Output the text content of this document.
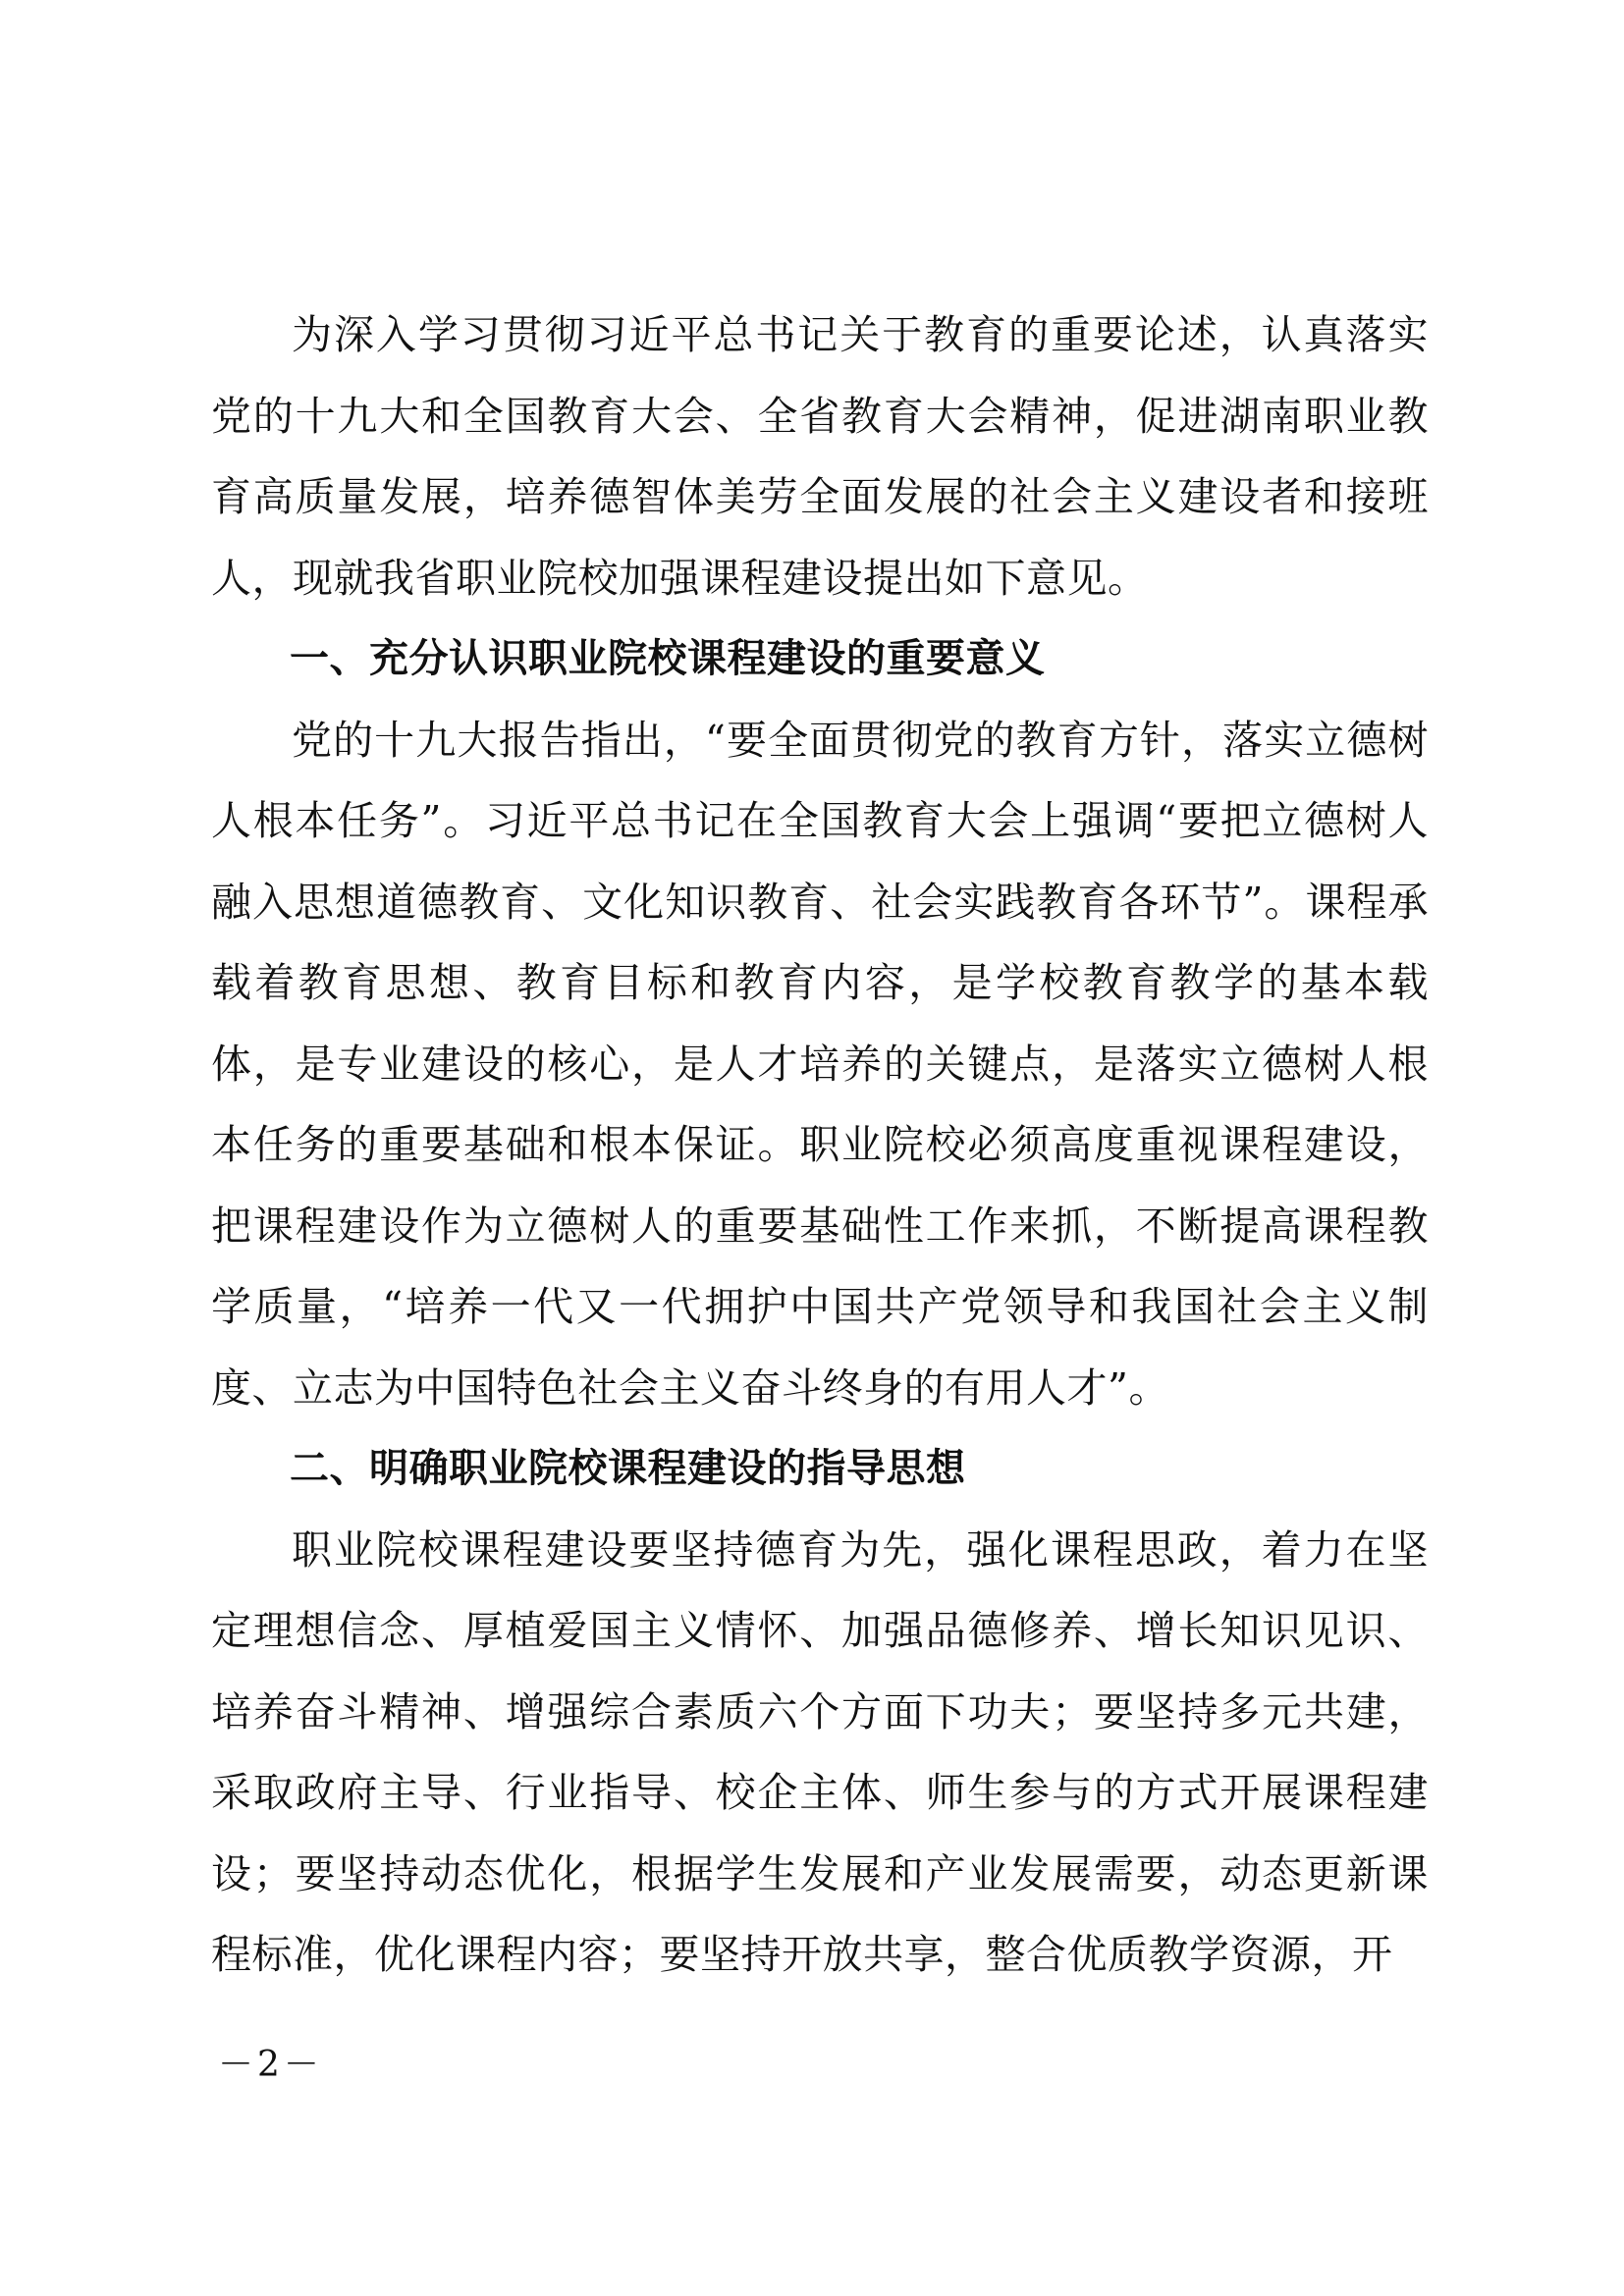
为深入学习贯彻习近平总书记关于教育的重要论述，认真落实党的十九大和全国教育大会、全省教育大会精神，促进湖南职业教育高质量发展，培养德智体美劳全面发展的社会主义建设者和接班人，现就我省职业院校加强课程建设提出如下意见。

一、充分认识职业院校课程建设的重要意义

党的十九大报告指出，“要全面贯彻党的教育方针，落实立德树人根本任务”。习近平总书记在全国教育大会上强调“要把立德树人融入思想道德教育、文化知识教育、社会实践教育各环节”。课程承载着教育思想、教育目标和教育内容，是学校教育教学的基本载体，是专业建设的核心，是人才培养的关键点，是落实立德树人根本任务的重要基础和根本保证。职业院校必须高度重视课程建设，把课程建设作为立德树人的重要基础性工作来抓，不断提高课程教学质量，“培养一代又一代拥护中国共产党领导和我国社会主义制度、立志为中国特色社会主义奋斗终身的有用人才”。

二、明确职业院校课程建设的指导思想

职业院校课程建设要坚持德育为先，强化课程思政，着力在坚定理想信念、厚植爱国主义情怀、加强品德修养、增长知识见识、培养奋斗精神、增强综合素质六个方面下功夫；要坚持多元共建，采取政府主导、行业指导、校企主体、师生参与的方式开展课程建设；要坚持动态优化，根据学生发展和产业发展需要，动态更新课程标准，优化课程内容；要坚持开放共享，整合优质教学资源，开

－2－
